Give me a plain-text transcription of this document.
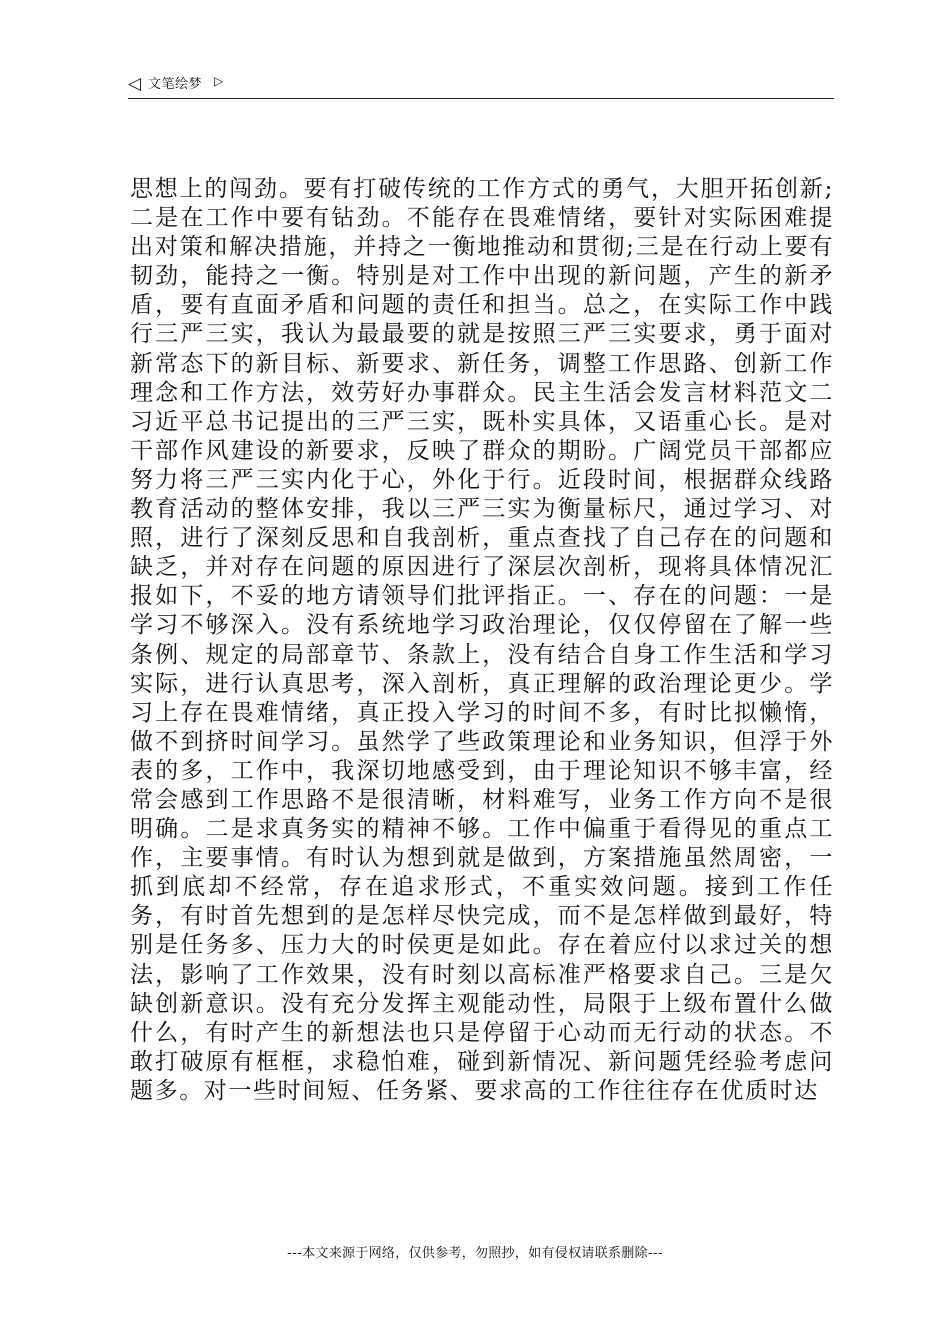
◁ 文笔绘梦 ▷

思想上的闯劲。要有打破传统的工作方式的勇气，大胆开拓创新;二是在工作中要有钻劲。不能存在畏难情绪，要针对实际困难提出对策和解决措施，并持之一衡地推动和贯彻;三是在行动上要有韧劲，能持之一衡。特别是对工作中出现的新问题，产生的新矛盾，要有直面矛盾和问题的责任和担当。总之，在实际工作中践行三严三实，我认为最最要的就是按照三严三实要求，勇于面对新常态下的新目标、新要求、新任务，调整工作思路、创新工作理念和工作方法，效劳好办事群众。民主生活会发言材料范文二习近平总书记提出的三严三实，既朴实具体，又语重心长。是对干部作风建设的新要求，反映了群众的期盼。广阔党员干部都应努力将三严三实内化于心，外化于行。近段时间，根据群众线路教育活动的整体安排，我以三严三实为衡量标尺，通过学习、对照，进行了深刻反思和自我剖析，重点查找了自己存在的问题和缺乏，并对存在问题的原因进行了深层次剖析，现将具体情况汇报如下，不妥的地方请领导们批评指正。一、存在的问题：一是学习不够深入。没有系统地学习政治理论，仅仅停留在了解一些条例、规定的局部章节、条款上，没有结合自身工作生活和学习实际，进行认真思考，深入剖析，真正理解的政治理论更少。学习上存在畏难情绪，真正投入学习的时间不多，有时比拟懒惰，做不到挤时间学习。虽然学了些政策理论和业务知识，但浮于外表的多，工作中，我深切地感受到，由于理论知识不够丰富，经常会感到工作思路不是很清晰，材料难写，业务工作方向不是很明确。二是求真务实的精神不够。工作中偏重于看得见的重点工作，主要事情。有时认为想到就是做到，方案措施虽然周密，一抓到底却不经常，存在追求形式，不重实效问题。接到工作任务，有时首先想到的是怎样尽快完成，而不是怎样做到最好，特别是任务多、压力大的时侯更是如此。存在着应付以求过关的想法，影响了工作效果，没有时刻以高标准严格要求自己。三是欠缺创新意识。没有充分发挥主观能动性，局限于上级布置什么做什么，有时产生的新想法也只是停留于心动而无行动的状态。不敢打破原有框框，求稳怕难，碰到新情况、新问题凭经验考虑问题多。对一些时间短、任务紧、要求高的工作往往存在优质时达

---本文来源于网络，仅供参考，勿照抄，如有侵权请联系删除---
